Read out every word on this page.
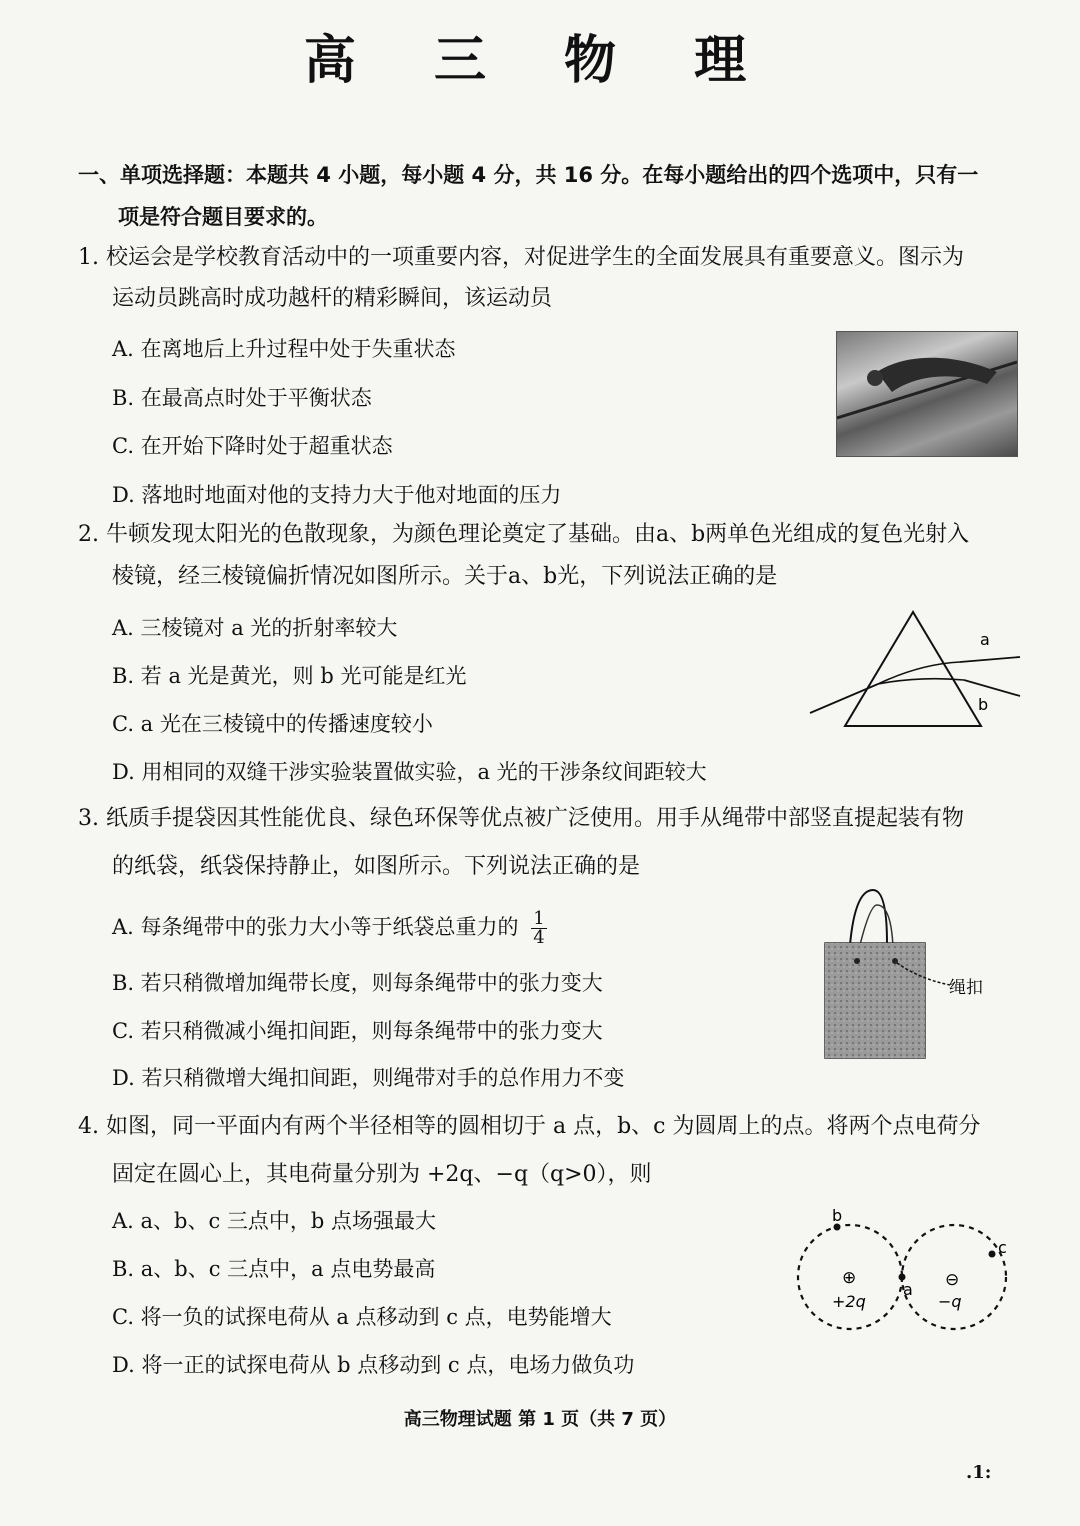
高 三 物 理
一、单项选择题：本题共 4 小题，每小题 4 分，共 16 分。在每小题给出的四个选项中，只有一
项是符合题目要求的。
1. 校运会是学校教育活动中的一项重要内容，对促进学生的全面发展具有重要意义。图示为
运动员跳高时成功越杆的精彩瞬间，该运动员
A. 在离地后上升过程中处于失重状态
B. 在最高点时处于平衡状态
C. 在开始下降时处于超重状态
D. 落地时地面对他的支持力大于他对地面的压力
2. 牛顿发现太阳光的色散现象，为颜色理论奠定了基础。由a、b两单色光组成的复色光射入
棱镜，经三棱镜偏折情况如图所示。关于a、b光，下列说法正确的是
A. 三棱镜对 a 光的折射率较大
B. 若 a 光是黄光，则 b 光可能是红光
C. a 光在三棱镜中的传播速度较小
D. 用相同的双缝干涉实验装置做实验，a 光的干涉条纹间距较大
a
b
3. 纸质手提袋因其性能优良、绿色环保等优点被广泛使用。用手从绳带中部竖直提起装有物
的纸袋，纸袋保持静止，如图所示。下列说法正确的是
A. 每条绳带中的张力大小等于纸袋总重力的 $\frac{1}{4}$
B. 若只稍微增加绳带长度，则每条绳带中的张力变大
C. 若只稍微减小绳扣间距，则每条绳带中的张力变大
D. 若只稍微增大绳扣间距，则绳带对手的总作用力不变
绳扣
4. 如图，同一平面内有两个半径相等的圆相切于 a 点，b、c 为圆周上的点。将两个点电荷分
固定在圆心上，其电荷量分别为 +2q、−q（q>0），则
A. a、b、c 三点中，b 点场强最大
B. a、b、c 三点中，a 点电势最高
C. 将一负的试探电荷从 a 点移动到 c 点，电势能增大
D. 将一正的试探电荷从 b 点移动到 c 点，电场力做负功
b
c
a
⊕	⊖
+2q	−q
高三物理试题 第 1 页（共 7 页）
.1:
